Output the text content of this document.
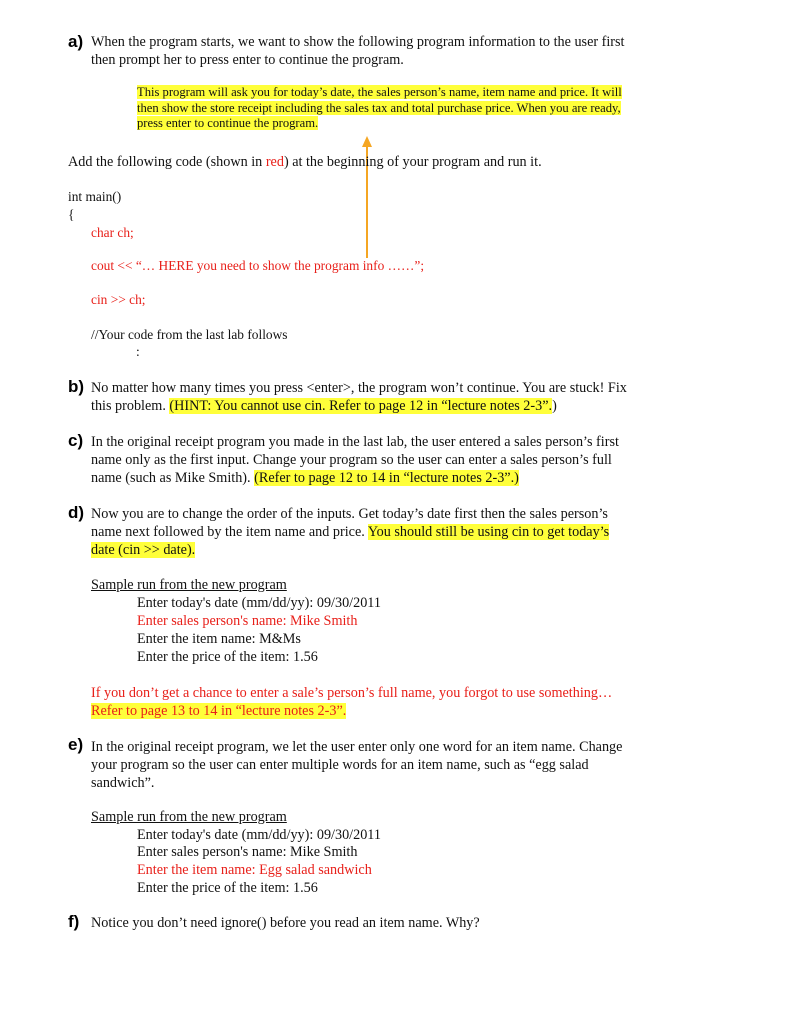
a) When the program starts, we want to show the following program information to the user first
then prompt her to press enter to continue the program.
This program will ask you for today’s date, the sales person’s name, item name and price. It will
then show the store receipt including the sales tax and total purchase price. When you are ready,
press enter to continue the program.
Add the following code (shown in red) at the beginning of your program and run it.
int main()
{
char ch;
cout << “… HERE you need to show the program info ……”;
cin >> ch;
//Your code from the last lab follows
:
b) No matter how many times you press <enter>, the program won’t continue. You are stuck! Fix
this problem. (HINT: You cannot use cin. Refer to page 12 in “lecture notes 2-3”.)
c) In the original receipt program you made in the last lab, the user entered a sales person’s first
name only as the first input. Change your program so the user can enter a sales person’s full
name (such as Mike Smith). (Refer to page 12 to 14 in “lecture notes 2-3”.)
d) Now you are to change the order of the inputs. Get today’s date first then the sales person’s
name next followed by the item name and price. You should still be using cin to get today’s
date (cin >> date).
Sample run from the new program
Enter today's date (mm/dd/yy): 09/30/2011
Enter sales person's name: Mike Smith
Enter the item name: M&Ms
Enter the price of the item: 1.56
If you don’t get a chance to enter a sale’s person’s full name, you forgot to use something…
Refer to page 13 to 14 in “lecture notes 2-3”.
e) In the original receipt program, we let the user enter only one word for an item name. Change
your program so the user can enter multiple words for an item name, such as “egg salad
sandwich”.
Sample run from the new program
Enter today's date (mm/dd/yy): 09/30/2011
Enter sales person's name: Mike Smith
Enter the item name: Egg salad sandwich
Enter the price of the item: 1.56
f) Notice you don’t need ignore() before you read an item name. Why?
